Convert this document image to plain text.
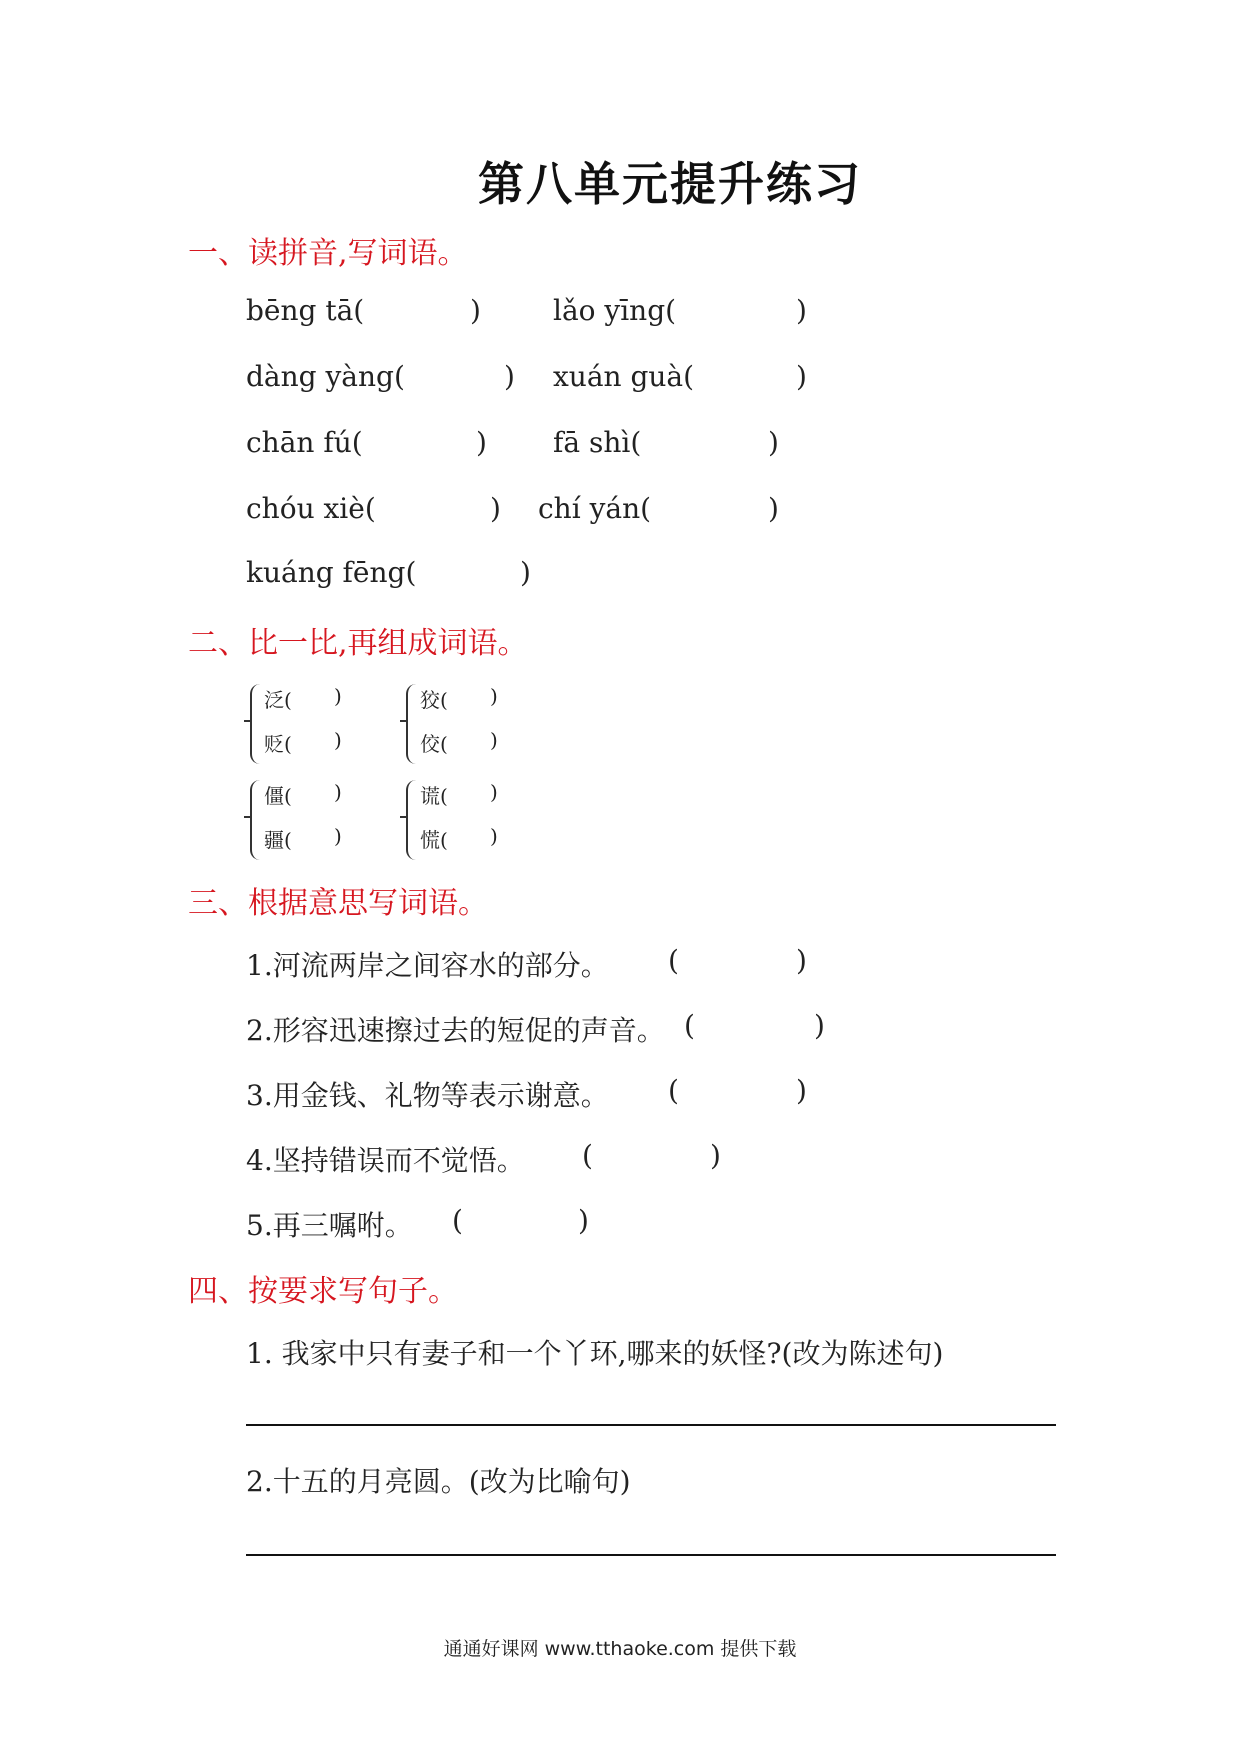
第八单元提升练习
一、读拼音,写词语。
bēng tā(	)	lǎo yīng(	)
dàng yàng(	) xuán guà(	)
chān fú(	) fā shì(	)
chóu xiè(	) chí yán(	)
kuáng fēng(	)
二、比一比,再组成词语。
泛( )
贬( )
狡( )
佼( )
僵( )
疆( )
谎( )
慌( )
三、根据意思写词语。
1.河流两岸之间容水的部分。 (	)
2.形容迅速擦过去的短促的声音。 (	)
3.用金钱、礼物等表示谢意。 (	)
4.坚持错误而不觉悟。 (	)
5.再三嘱咐。 (	)
四、按要求写句子。
1. 我家中只有妻子和一个丫环,哪来的妖怪?(改为陈述句)
2.十五的月亮圆。(改为比喻句)
通通好课网 www.tthaoke.com 提供下载
